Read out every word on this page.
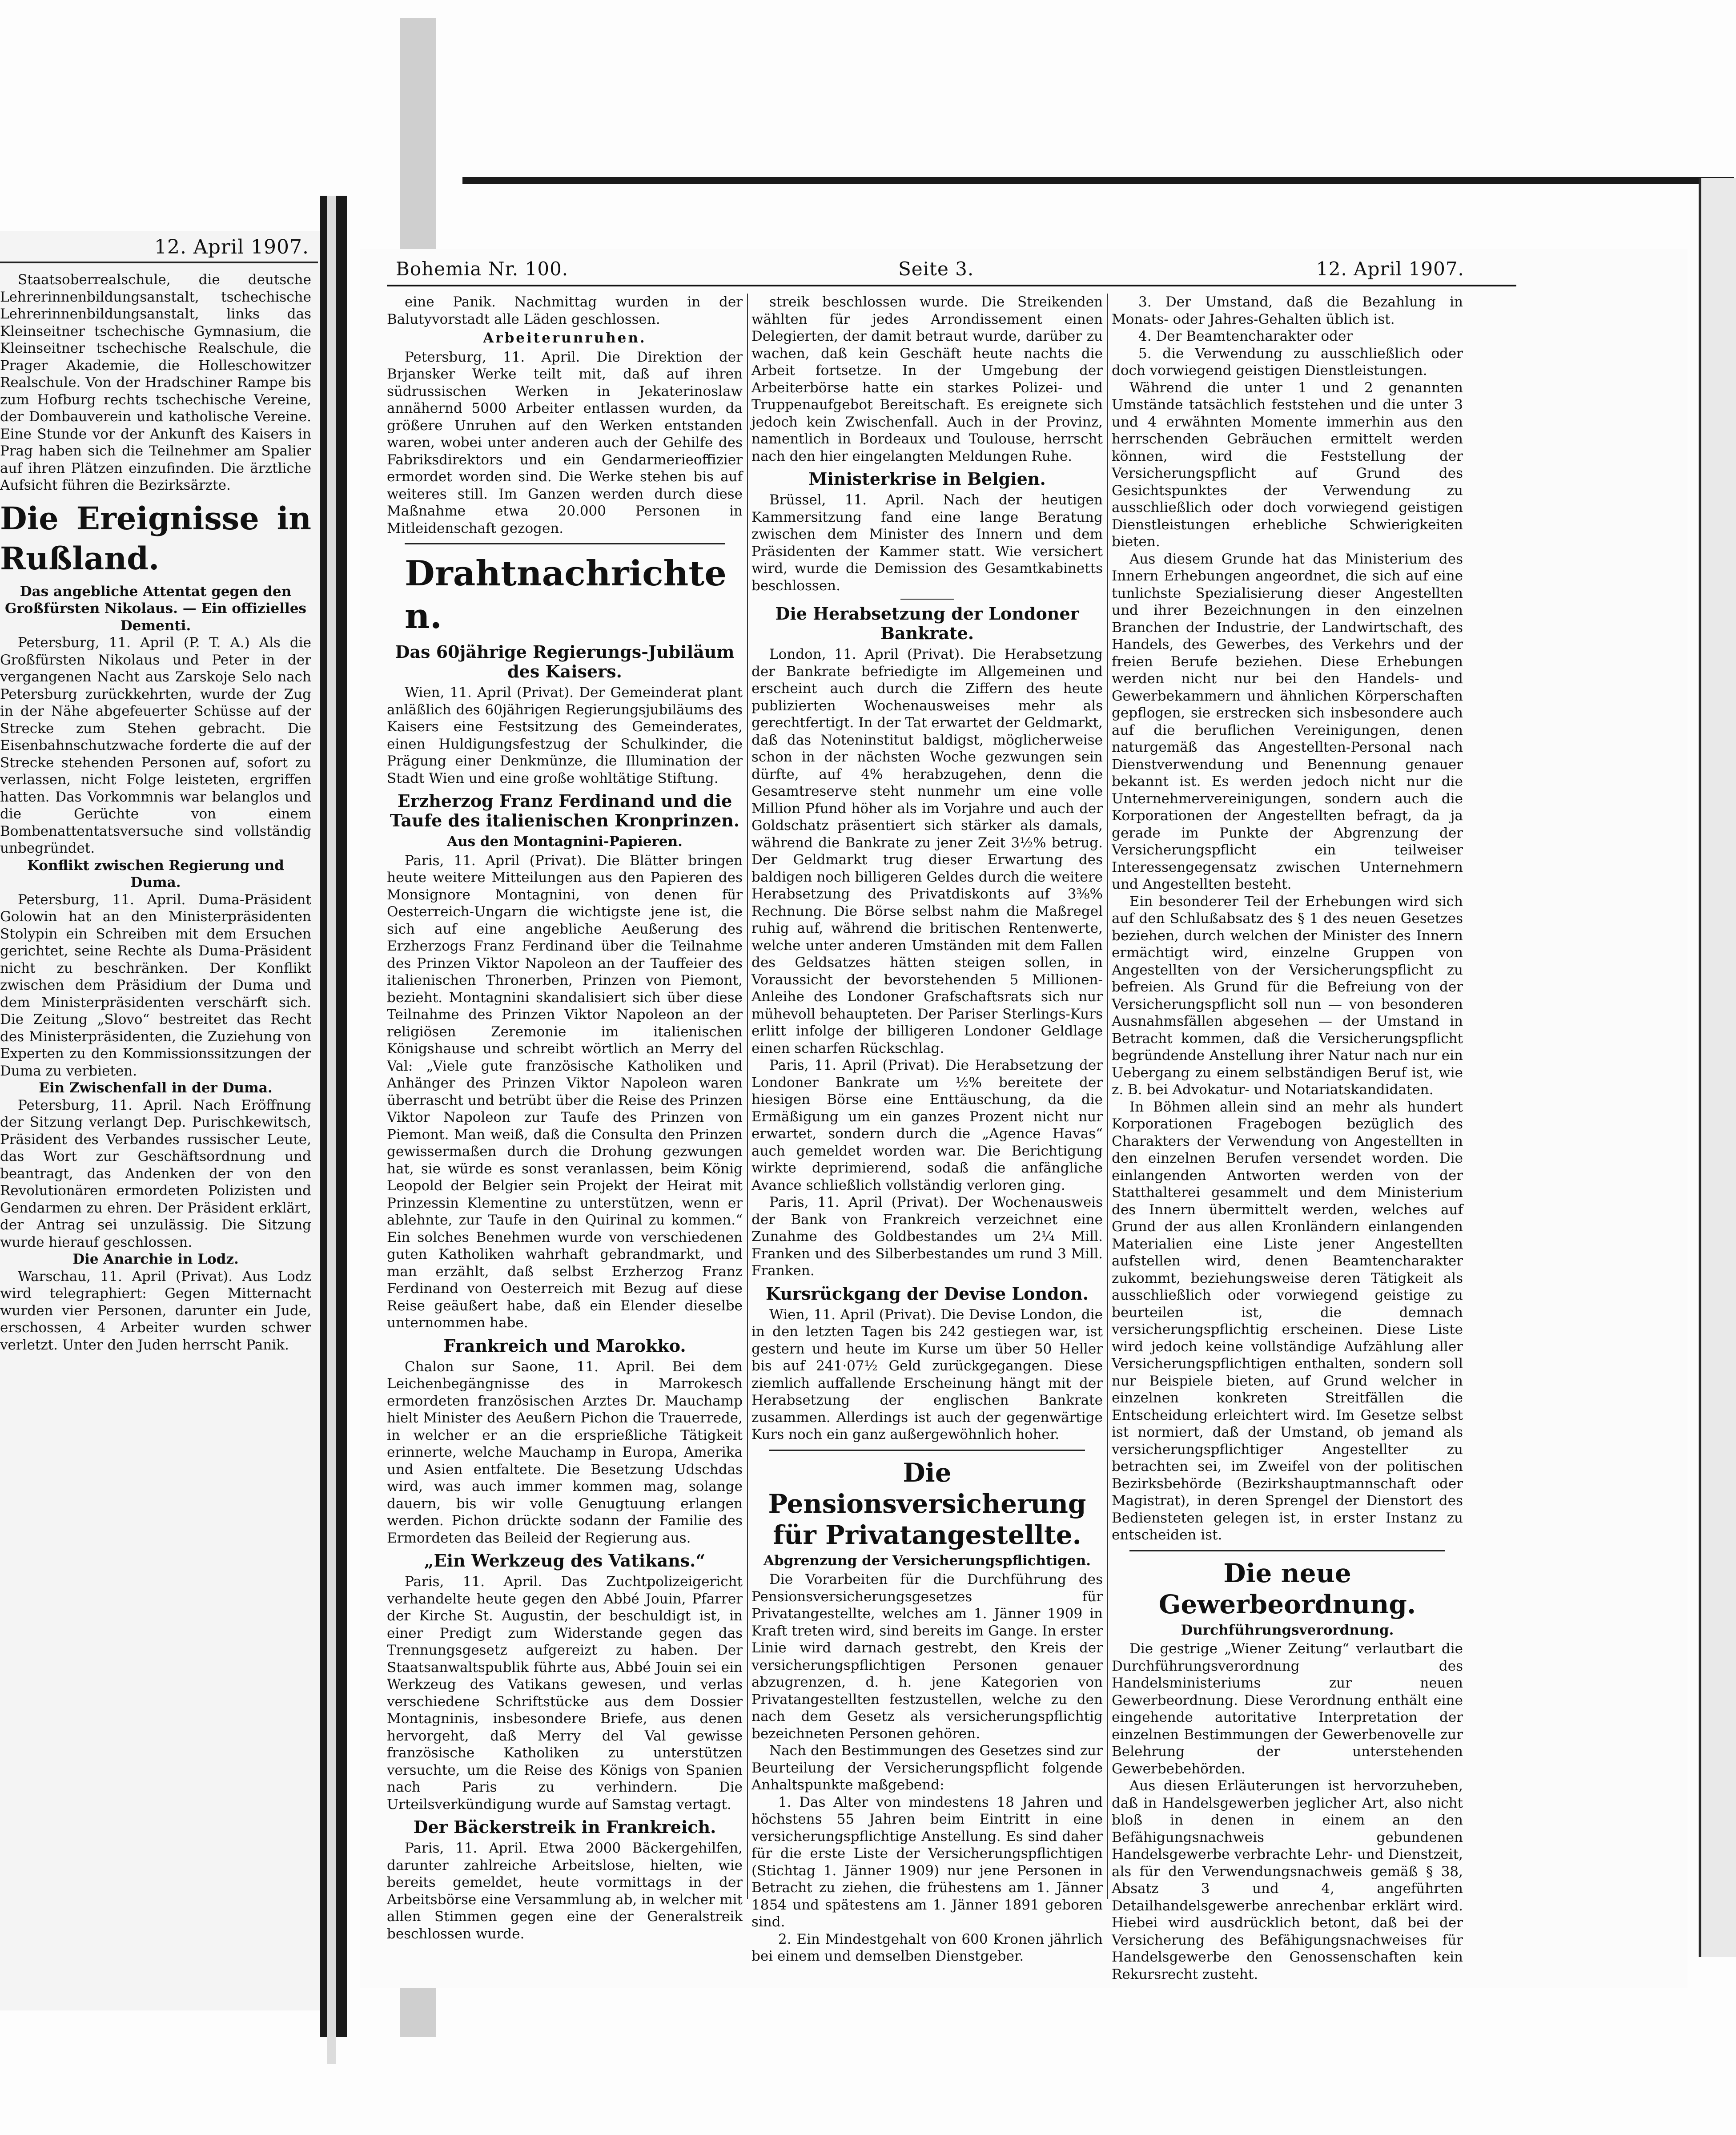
12. April 1907.

Staatsoberrealschule, die deutsche Lehrerinnenbildungsanstalt, tschechische Lehrerinnenbildungsanstalt, links das Kleinseitner tschechische Gymnasium, die Kleinseitner tschechische Realschule, die Prager Akademie, die Holleschowitzer Realschule. Von der Hradschiner Rampe bis zum Hofburg rechts tschechische Vereine, der Dombauverein und katholische Vereine. Eine Stunde vor der Ankunft des Kaisers in Prag haben sich die Teilnehmer am Spalier auf ihren Plätzen einzufinden. Die ärztliche Aufsicht führen die Bezirksärzte.

Die Ereignisse in Rußland.
Das angebliche Attentat gegen den Großfürsten Nikolaus. — Ein offizielles Dementi.

Petersburg, 11. April (P. T. A.) Als die Großfürsten Nikolaus und Peter in der vergangenen Nacht aus Zarskoje Selo nach Petersburg zurückkehrten, wurde der Zug in der Nähe abgefeuerter Schüsse auf der Strecke zum Stehen gebracht. Die Eisenbahnschutzwache forderte die auf der Strecke stehenden Personen auf, sofort zu verlassen, nicht Folge leisteten, ergriffen hatten. Das Vorkommnis war belanglos und die Gerüchte von einem Bombenattentatsversuche sind vollständig unbegründet.

Konflikt zwischen Regierung und Duma.

Petersburg, 11. April. Duma-Präsident Golowin hat an den Ministerpräsidenten Stolypin ein Schreiben mit dem Ersuchen gerichtet, seine Rechte als Duma-Präsident nicht zu beschränken. Der Konflikt zwischen dem Präsidium der Duma und dem Ministerpräsidenten verschärft sich. Die Zeitung „Slovo“ bestreitet das Recht des Ministerpräsidenten, die Zuziehung von Experten zu den Kommissionssitzungen der Duma zu verbieten.

Ein Zwischenfall in der Duma.

Petersburg, 11. April. Nach Eröffnung der Sitzung verlangt Dep. Purischkewitsch, Präsident des Verbandes russischer Leute, das Wort zur Geschäftsordnung und beantragt, das Andenken der von den Revolutionären ermordeten Polizisten und Gendarmen zu ehren. Der Präsident erklärt, der Antrag sei unzulässig. Die Sitzung wurde hierauf geschlossen.

Die Anarchie in Lodz.

Warschau, 11. April (Privat). Aus Lodz wird telegraphiert: Gegen Mitternacht wurden vier Personen, darunter ein Jude, erschossen, 4 Arbeiter wurden schwer verletzt. Unter den Juden herrscht Panik.

Bohemia Nr. 100.	Seite 3.	12. April 1907.

eine Panik. Nachmittag wurden in der Balutyvorstadt alle Läden geschlossen.

Arbeiterunruhen.

Petersburg, 11. April. Die Direktion der Brjansker Werke teilt mit, daß auf ihren südrussischen Werken in Jekaterinoslaw annähernd 5000 Arbeiter entlassen wurden, da größere Unruhen auf den Werken entstanden waren, wobei unter anderen auch der Gehilfe des Fabriksdirektors und ein Gendarmerieoffizier ermordet worden sind. Die Werke stehen bis auf weiteres still. Im Ganzen werden durch diese Maßnahme etwa 20.000 Personen in Mitleidenschaft gezogen.

Drahtnachrichten.
Das 60jährige Regierungs-Jubiläum des Kaisers.

Wien, 11. April (Privat). Der Gemeinderat plant anläßlich des 60jährigen Regierungsjubiläums des Kaisers eine Festsitzung des Gemeinderates, einen Huldigungsfestzug der Schulkinder, die Prägung einer Denkmünze, die Illumination der Stadt Wien und eine große wohltätige Stiftung.

Erzherzog Franz Ferdinand und die Taufe des italienischen Kronprinzen.
Aus den Montagnini-Papieren.

Paris, 11. April (Privat). Die Blätter bringen heute weitere Mitteilungen aus den Papieren des Monsignore Montagnini, von denen für Oesterreich-Ungarn die wichtigste jene ist, die sich auf eine angebliche Aeußerung des Erzherzogs Franz Ferdinand über die Teilnahme des Prinzen Viktor Napoleon an der Tauffeier des italienischen Thronerben, Prinzen von Piemont, bezieht. Montagnini skandalisiert sich über diese Teilnahme des Prinzen Viktor Napoleon an der religiösen Zeremonie im italienischen Königshause und schreibt wörtlich an Merry del Val: „Viele gute französische Katholiken und Anhänger des Prinzen Viktor Napoleon waren überrascht und betrübt über die Reise des Prinzen Viktor Napoleon zur Taufe des Prinzen von Piemont. Man weiß, daß die Consulta den Prinzen gewissermaßen durch die Drohung gezwungen hat, sie würde es sonst veranlassen, beim König Leopold der Belgier sein Projekt der Heirat mit Prinzessin Klementine zu unterstützen, wenn er ablehnte, zur Taufe in den Quirinal zu kommen.“ Ein solches Benehmen wurde von verschiedenen guten Katholiken wahrhaft gebrandmarkt, und man erzählt, daß selbst Erzherzog Franz Ferdinand von Oesterreich mit Bezug auf diese Reise geäußert habe, daß ein Elender dieselbe unternommen habe.

Frankreich und Marokko.

Chalon sur Saone, 11. April. Bei dem Leichenbegängnisse des in Marrokesch ermordeten französischen Arztes Dr. Mauchamp hielt Minister des Aeußern Pichon die Trauerrede, in welcher er an die ersprießliche Tätigkeit erinnerte, welche Mauchamp in Europa, Amerika und Asien entfaltete. Die Besetzung Udschdas wird, was auch immer kommen mag, solange dauern, bis wir volle Genugtuung erlangen werden. Pichon drückte sodann der Familie des Ermordeten das Beileid der Regierung aus.

„Ein Werkzeug des Vatikans.“

Paris, 11. April. Das Zuchtpolizeigericht verhandelte heute gegen den Abbé Jouin, Pfarrer der Kirche St. Augustin, der beschuldigt ist, in einer Predigt zum Widerstande gegen das Trennungsgesetz aufgereizt zu haben. Der Staatsanwaltspublik führte aus, Abbé Jouin sei ein Werkzeug des Vatikans gewesen, und verlas verschiedene Schriftstücke aus dem Dossier Montagninis, insbesondere Briefe, aus denen hervorgeht, daß Merry del Val gewisse französische Katholiken zu unterstützen versuchte, um die Reise des Königs von Spanien nach Paris zu verhindern. Die Urteilsverkündigung wurde auf Samstag vertagt.

Der Bäckerstreik in Frankreich.

Paris, 11. April. Etwa 2000 Bäckergehilfen, darunter zahlreiche Arbeitslose, hielten, wie bereits gemeldet, heute vormittags in der Arbeitsbörse eine Versammlung ab, in welcher mit allen Stimmen gegen eine der Generalstreik beschlossen wurde.

streik beschlossen wurde. Die Streikenden wählten für jedes Arrondissement einen Delegierten, der damit betraut wurde, darüber zu wachen, daß kein Geschäft heute nachts die Arbeit fortsetze. In der Umgebung der Arbeiterbörse hatte ein starkes Polizei- und Truppenaufgebot Bereitschaft. Es ereignete sich jedoch kein Zwischenfall. Auch in der Provinz, namentlich in Bordeaux und Toulouse, herrscht nach den hier eingelangten Meldungen Ruhe.

Ministerkrise in Belgien.

Brüssel, 11. April. Nach der heutigen Kammersitzung fand eine lange Beratung zwischen dem Minister des Innern und dem Präsidenten der Kammer statt. Wie versichert wird, wurde die Demission des Gesamtkabinetts beschlossen.

Die Herabsetzung der Londoner Bankrate.

London, 11. April (Privat). Die Herabsetzung der Bankrate befriedigte im Allgemeinen und erscheint auch durch die Ziffern des heute publizierten Wochenausweises mehr als gerechtfertigt. In der Tat erwartet der Geldmarkt, daß das Noteninstitut baldigst, möglicherweise schon in der nächsten Woche gezwungen sein dürfte, auf 4% herabzugehen, denn die Gesamtreserve steht nunmehr um eine volle Million Pfund höher als im Vorjahre und auch der Goldschatz präsentiert sich stärker als damals, während die Bankrate zu jener Zeit 3½% betrug. Der Geldmarkt trug dieser Erwartung des baldigen noch billigeren Geldes durch die weitere Herabsetzung des Privatdiskonts auf 3⅜% Rechnung. Die Börse selbst nahm die Maßregel ruhig auf, während die britischen Rentenwerte, welche unter anderen Umständen mit dem Fallen des Geldsatzes hätten steigen sollen, in Voraussicht der bevorstehenden 5 Millionen-Anleihe des Londoner Grafschaftsrats sich nur mühevoll behaupteten. Der Pariser Sterlings-Kurs erlitt infolge der billigeren Londoner Geldlage einen scharfen Rückschlag.

Paris, 11. April (Privat). Die Herabsetzung der Londoner Bankrate um ½% bereitete der hiesigen Börse eine Enttäuschung, da die Ermäßigung um ein ganzes Prozent nicht nur erwartet, sondern durch die „Agence Havas“ auch gemeldet worden war. Die Berichtigung wirkte deprimierend, sodaß die anfängliche Avance schließlich vollständig verloren ging.

Paris, 11. April (Privat). Der Wochenausweis der Bank von Frankreich verzeichnet eine Zunahme des Goldbestandes um 2¼ Mill. Franken und des Silberbestandes um rund 3 Mill. Franken.

Kursrückgang der Devise London.

Wien, 11. April (Privat). Die Devise London, die in den letzten Tagen bis 242 gestiegen war, ist gestern und heute im Kurse um über 50 Heller bis auf 241·07½ Geld zurückgegangen. Diese ziemlich auffallende Erscheinung hängt mit der Herabsetzung der englischen Bankrate zusammen. Allerdings ist auch der gegenwärtige Kurs noch ein ganz außergewöhnlich hoher.

Die Pensionsversicherung für Privatangestellte.
Abgrenzung der Versicherungspflichtigen.

Die Vorarbeiten für die Durchführung des Pensionsversicherungsgesetzes für Privatangestellte, welches am 1. Jänner 1909 in Kraft treten wird, sind bereits im Gange. In erster Linie wird darnach gestrebt, den Kreis der versicherungspflichtigen Personen genauer abzugrenzen, d. h. jene Kategorien von Privatangestellten festzustellen, welche zu den nach dem Gesetz als versicherungspflichtig bezeichneten Personen gehören.

Nach den Bestimmungen des Gesetzes sind zur Beurteilung der Versicherungspflicht folgende Anhaltspunkte maßgebend:

1. Das Alter von mindestens 18 Jahren und höchstens 55 Jahren beim Eintritt in eine versicherungspflichtige Anstellung. Es sind daher für die erste Liste der Versicherungspflichtigen (Stichtag 1. Jänner 1909) nur jene Personen in Betracht zu ziehen, die frühestens am 1. Jänner 1854 und spätestens am 1. Jänner 1891 geboren sind.

2. Ein Mindestgehalt von 600 Kronen jährlich bei einem und demselben Dienstgeber.

3. Der Umstand, daß die Bezahlung in Monats- oder Jahres-Gehalten üblich ist.

4. Der Beamtencharakter oder

5. die Verwendung zu ausschließlich oder doch vorwiegend geistigen Dienstleistungen.

Während die unter 1 und 2 genannten Umstände tatsächlich feststehen und die unter 3 und 4 erwähnten Momente immerhin aus den herrschenden Gebräuchen ermittelt werden können, wird die Feststellung der Versicherungspflicht auf Grund des Gesichtspunktes der Verwendung zu ausschließlich oder doch vorwiegend geistigen Dienstleistungen erhebliche Schwierigkeiten bieten.

Aus diesem Grunde hat das Ministerium des Innern Erhebungen angeordnet, die sich auf eine tunlichste Spezialisierung dieser Angestellten und ihrer Bezeichnungen in den einzelnen Branchen der Industrie, der Landwirtschaft, des Handels, des Gewerbes, des Verkehrs und der freien Berufe beziehen. Diese Erhebungen werden nicht nur bei den Handels- und Gewerbekammern und ähnlichen Körperschaften gepflogen, sie erstrecken sich insbesondere auch auf die beruflichen Vereinigungen, denen naturgemäß das Angestellten-Personal nach Dienstverwendung und Benennung genauer bekannt ist. Es werden jedoch nicht nur die Unternehmervereinigungen, sondern auch die Korporationen der Angestellten befragt, da ja gerade im Punkte der Abgrenzung der Versicherungspflicht ein teilweiser Interessengegensatz zwischen Unternehmern und Angestellten besteht.

Ein besonderer Teil der Erhebungen wird sich auf den Schlußabsatz des § 1 des neuen Gesetzes beziehen, durch welchen der Minister des Innern ermächtigt wird, einzelne Gruppen von Angestellten von der Versicherungspflicht zu befreien. Als Grund für die Befreiung von der Versicherungspflicht soll nun — von besonderen Ausnahmsfällen abgesehen — der Umstand in Betracht kommen, daß die Versicherungspflicht begründende Anstellung ihrer Natur nach nur ein Uebergang zu einem selbständigen Beruf ist, wie z. B. bei Advokatur- und Notariatskandidaten.

In Böhmen allein sind an mehr als hundert Korporationen Fragebogen bezüglich des Charakters der Verwendung von Angestellten in den einzelnen Berufen versendet worden. Die einlangenden Antworten werden von der Statthalterei gesammelt und dem Ministerium des Innern übermittelt werden, welches auf Grund der aus allen Kronländern einlangenden Materialien eine Liste jener Angestellten aufstellen wird, denen Beamtencharakter zukommt, beziehungsweise deren Tätigkeit als ausschließlich oder vorwiegend geistige zu beurteilen ist, die demnach versicherungspflichtig erscheinen. Diese Liste wird jedoch keine vollständige Aufzählung aller Versicherungspflichtigen enthalten, sondern soll nur Beispiele bieten, auf Grund welcher in einzelnen konkreten Streitfällen die Entscheidung erleichtert wird. Im Gesetze selbst ist normiert, daß der Umstand, ob jemand als versicherungspflichtiger Angestellter zu betrachten sei, im Zweifel von der politischen Bezirksbehörde (Bezirkshauptmannschaft oder Magistrat), in deren Sprengel der Dienstort des Bediensteten gelegen ist, in erster Instanz zu entscheiden ist.

Die neue Gewerbeordnung.
Durchführungsverordnung.

Die gestrige „Wiener Zeitung“ verlautbart die Durchführungsverordnung des Handelsministeriums zur neuen Gewerbeordnung. Diese Verordnung enthält eine eingehende autoritative Interpretation der einzelnen Bestimmungen der Gewerbenovelle zur Belehrung der unterstehenden Gewerbebehörden.

Aus diesen Erläuterungen ist hervorzuheben, daß in Handelsgewerben jeglicher Art, also nicht bloß in denen in einem an den Befähigungsnachweis gebundenen Handelsgewerbe verbrachte Lehr- und Dienstzeit, als für den Verwendungsnachweis gemäß § 38, Absatz 3 und 4, angeführten Detailhandelsgewerbe anrechenbar erklärt wird. Hiebei wird ausdrücklich betont, daß bei der Versicherung des Befähigungsnachweises für Handelsgewerbe den Genossenschaften kein Rekursrecht zusteht.
